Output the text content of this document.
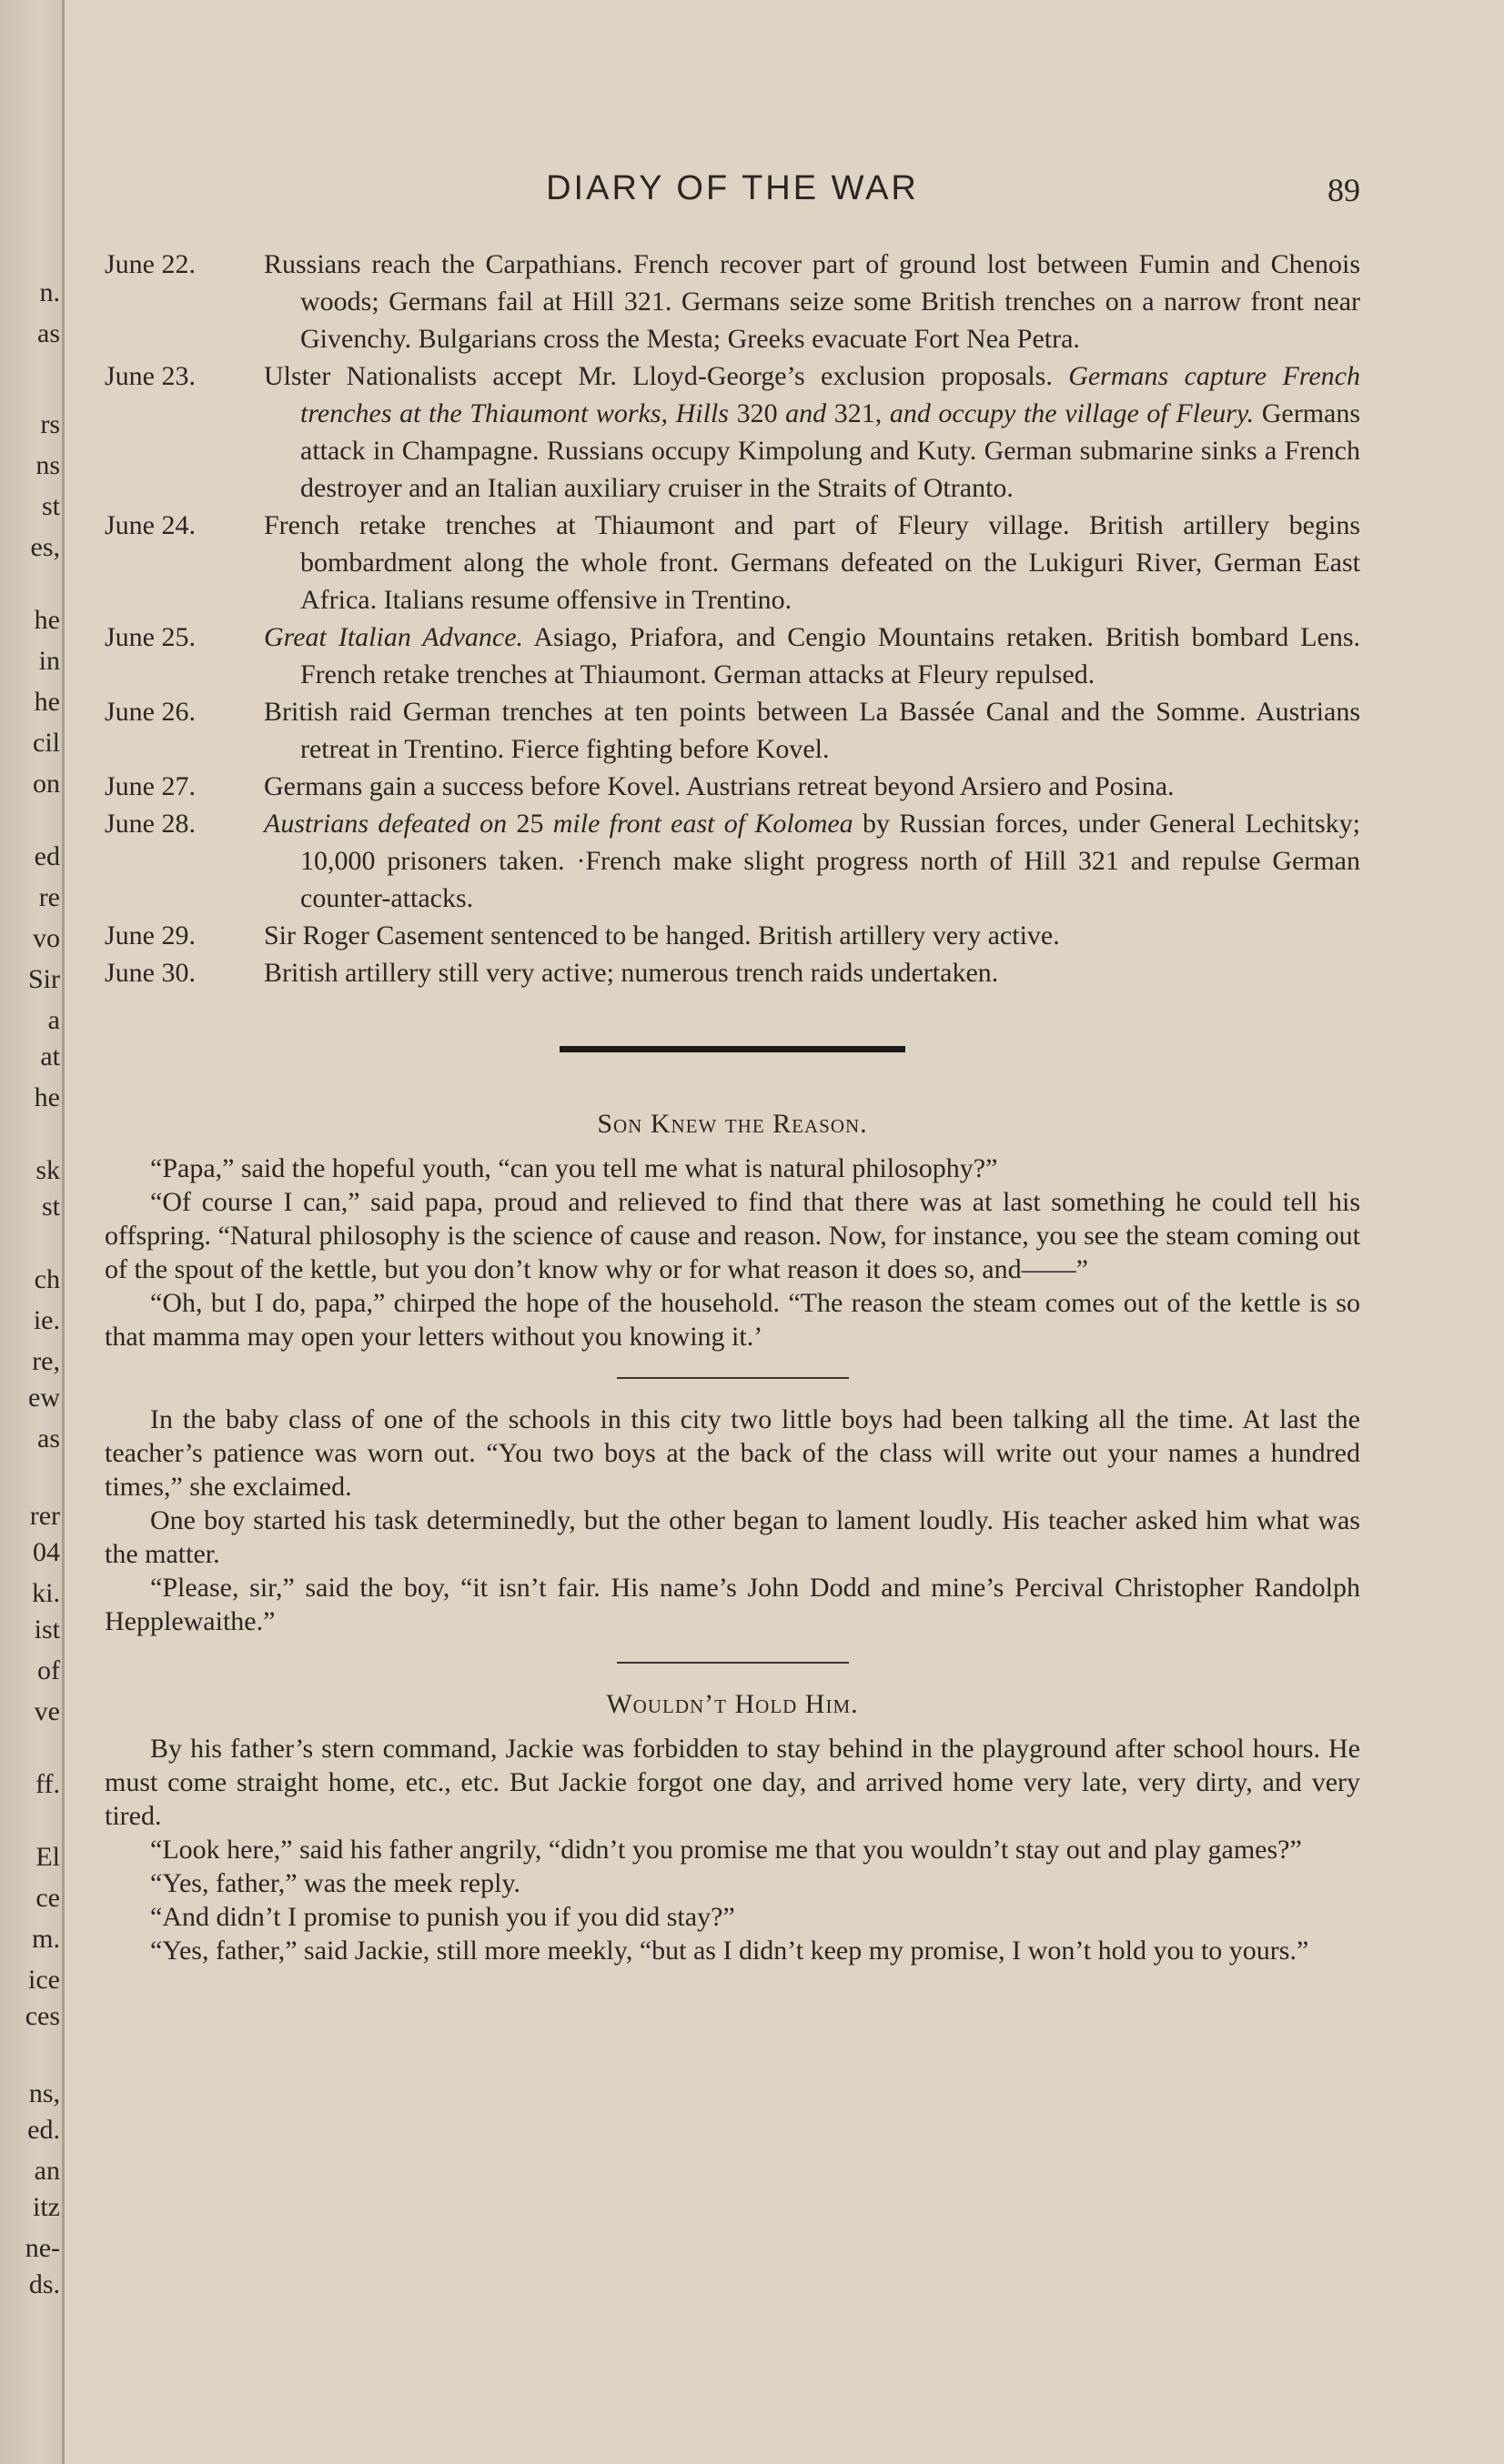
n.
as
rs
ns
st
es,
he
in
he
cil
on
ed
re
vo
Sir
a
at
he
sk
st
ch
ie.
re,
ew
as
rer
04
ki.
ist
of
ve
ff.
El
ce
m.
ice
ces
ns,
ed.
an
itz
ne-
ds.
DIARY OF THE WAR	89
June 22.	Russians reach the Carpathians. French recover part of ground lost between Fumin and Chenois woods; Germans fail at Hill 321. Germans seize some British trenches on a narrow front near Givenchy. Bulgarians cross the Mesta; Greeks evacuate Fort Nea Petra.

June 23.	Ulster Nationalists accept Mr. Lloyd-George’s exclusion proposals. Germans capture French trenches at the Thiaumont works, Hills 320 and 321, and occupy the village of Fleury. Germans attack in Champagne. Russians occupy Kimpolung and Kuty. German submarine sinks a French destroyer and an Italian auxiliary cruiser in the Straits of Otranto.

June 24.	French retake trenches at Thiaumont and part of Fleury village. British artillery begins bombardment along the whole front. Germans defeated on the Lukiguri River, German East Africa. Italians resume offensive in Trentino.

June 25.	Great Italian Advance. Asiago, Priafora, and Cengio Mountains retaken. British bombard Lens. French retake trenches at Thiaumont. German attacks at Fleury repulsed.

June 26.	British raid German trenches at ten points between La Bassée Canal and the Somme. Austrians retreat in Trentino. Fierce fighting before Kovel.

June 27.	Germans gain a success before Kovel. Austrians retreat beyond Arsiero and Posina.

June 28.	Austrians defeated on 25 mile front east of Kolomea by Russian forces, under General Lechitsky; 10,000 prisoners taken. ·French make slight progress north of Hill 321 and repulse German counter-attacks.

June 29.	Sir Roger Casement sentenced to be hanged. British artillery very active.

June 30.	British artillery still very active; numerous trench raids undertaken.

Son Knew the Reason.

“Papa,” said the hopeful youth, “can you tell me what is natural philosophy?”

“Of course I can,” said papa, proud and relieved to find that there was at last something he could tell his offspring. “Natural philosophy is the science of cause and reason. Now, for instance, you see the steam coming out of the spout of the kettle, but you don’t know why or for what reason it does so, and——”

“Oh, but I do, papa,” chirped the hope of the household. “The reason the steam comes out of the kettle is so that mamma may open your letters without you knowing it.’

In the baby class of one of the schools in this city two little boys had been talking all the time. At last the teacher’s patience was worn out. “You two boys at the back of the class will write out your names a hundred times,” she exclaimed.

One boy started his task determinedly, but the other began to lament loudly. His teacher asked him what was the matter.

“Please, sir,” said the boy, “it isn’t fair. His name’s John Dodd and mine’s Percival Christopher Randolph Hepplewaithe.”

Wouldn’t Hold Him.

By his father’s stern command, Jackie was forbidden to stay behind in the playground after school hours. He must come straight home, etc., etc. But Jackie forgot one day, and arrived home very late, very dirty, and very tired.

“Look here,” said his father angrily, “didn’t you promise me that you wouldn’t stay out and play games?”

“Yes, father,” was the meek reply.

“And didn’t I promise to punish you if you did stay?”

“Yes, father,” said Jackie, still more meekly, “but as I didn’t keep my promise, I won’t hold you to yours.”
